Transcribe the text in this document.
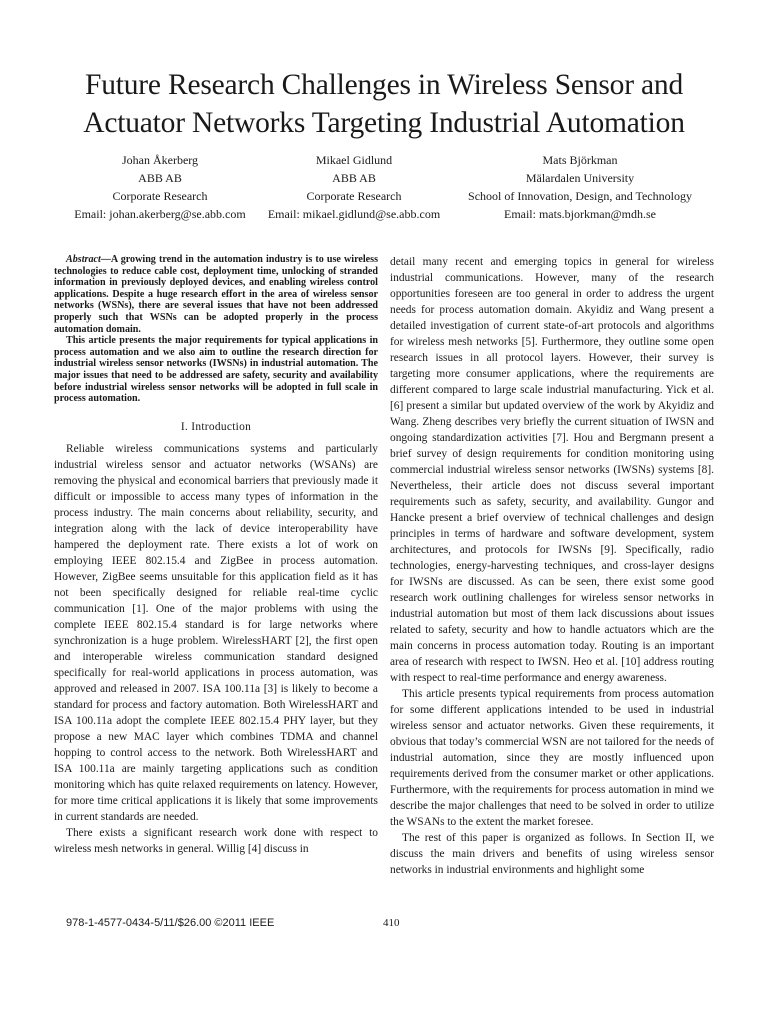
Future Research Challenges in Wireless Sensor and Actuator Networks Targeting Industrial Automation
Johan Åkerberg
ABB AB
Corporate Research
Email: johan.akerberg@se.abb.com
Mikael Gidlund
ABB AB
Corporate Research
Email: mikael.gidlund@se.abb.com
Mats Björkman
Mälardalen University
School of Innovation, Design, and Technology
Email: mats.bjorkman@mdh.se

Abstract—A growing trend in the automation industry is to use wireless technologies to reduce cable cost, deployment time, unlocking of stranded information in previously deployed devices, and enabling wireless control applications. Despite a huge research effort in the area of wireless sensor networks (WSNs), there are several issues that have not been addressed properly such that WSNs can be adopted properly in the process automation domain.

This article presents the major requirements for typical applications in process automation and we also aim to outline the research direction for industrial wireless sensor networks (IWSNs) in industrial automation. The major issues that need to be addressed are safety, security and availability before industrial wireless sensor networks will be adopted in full scale in process automation.

I. Introduction

Reliable wireless communications systems and particularly industrial wireless sensor and actuator networks (WSANs) are removing the physical and economical barriers that previously made it difficult or impossible to access many types of information in the process industry. The main concerns about reliability, security, and integration along with the lack of device interoperability have hampered the deployment rate. There exists a lot of work on employing IEEE 802.15.4 and ZigBee in process automation. However, ZigBee seems unsuitable for this application field as it has not been specifically designed for reliable real-time cyclic communication [1]. One of the major problems with using the complete IEEE 802.15.4 standard is for large networks where synchronization is a huge problem. WirelessHART [2], the first open and interoperable wireless communication standard designed specifically for real-world applications in process automation, was approved and released in 2007. ISA 100.11a [3] is likely to become a standard for process and factory automation. Both WirelessHART and ISA 100.11a adopt the complete IEEE 802.15.4 PHY layer, but they propose a new MAC layer which combines TDMA and channel hopping to control access to the network. Both WirelessHART and ISA 100.11a are mainly targeting applications such as condition monitoring which has quite relaxed requirements on latency. However, for more time critical applications it is likely that some improvements in current standards are needed.

There exists a significant research work done with respect to wireless mesh networks in general. Willig [4] discuss in

detail many recent and emerging topics in general for wireless industrial communications. However, many of the research opportunities foreseen are too general in order to address the urgent needs for process automation domain. Akyidiz and Wang present a detailed investigation of current state-of-art protocols and algorithms for wireless mesh networks [5]. Furthermore, they outline some open research issues in all protocol layers. However, their survey is targeting more consumer applications, where the requirements are different compared to large scale industrial manufacturing. Yick et al. [6] present a similar but updated overview of the work by Akyidiz and Wang. Zheng describes very briefly the current situation of IWSN and ongoing standardization activities [7]. Hou and Bergmann present a brief survey of design requirements for condition monitoring using commercial industrial wireless sensor networks (IWSNs) systems [8]. Nevertheless, their article does not discuss several important requirements such as safety, security, and availability. Gungor and Hancke present a brief overview of technical challenges and design principles in terms of hardware and software development, system architectures, and protocols for IWSNs [9]. Specifically, radio technologies, energy-harvesting techniques, and cross-layer designs for IWSNs are discussed. As can be seen, there exist some good research work outlining challenges for wireless sensor networks in industrial automation but most of them lack discussions about issues related to safety, security and how to handle actuators which are the main concerns in process automation today. Routing is an important area of research with respect to IWSN. Heo et al. [10] address routing with respect to real-time performance and energy awareness.

This article presents typical requirements from process automation for some different applications intended to be used in industrial wireless sensor and actuator networks. Given these requirements, it obvious that today’s commercial WSN are not tailored for the needs of industrial automation, since they are mostly influenced upon requirements derived from the consumer market or other applications. Furthermore, with the requirements for process automation in mind we describe the major challenges that need to be solved in order to utilize the WSANs to the extent the market foresee.

The rest of this paper is organized as follows. In Section II, we discuss the main drivers and benefits of using wireless sensor networks in industrial environments and highlight some

978-1-4577-0434-5/11/$26.00 ©2011 IEEE	410
